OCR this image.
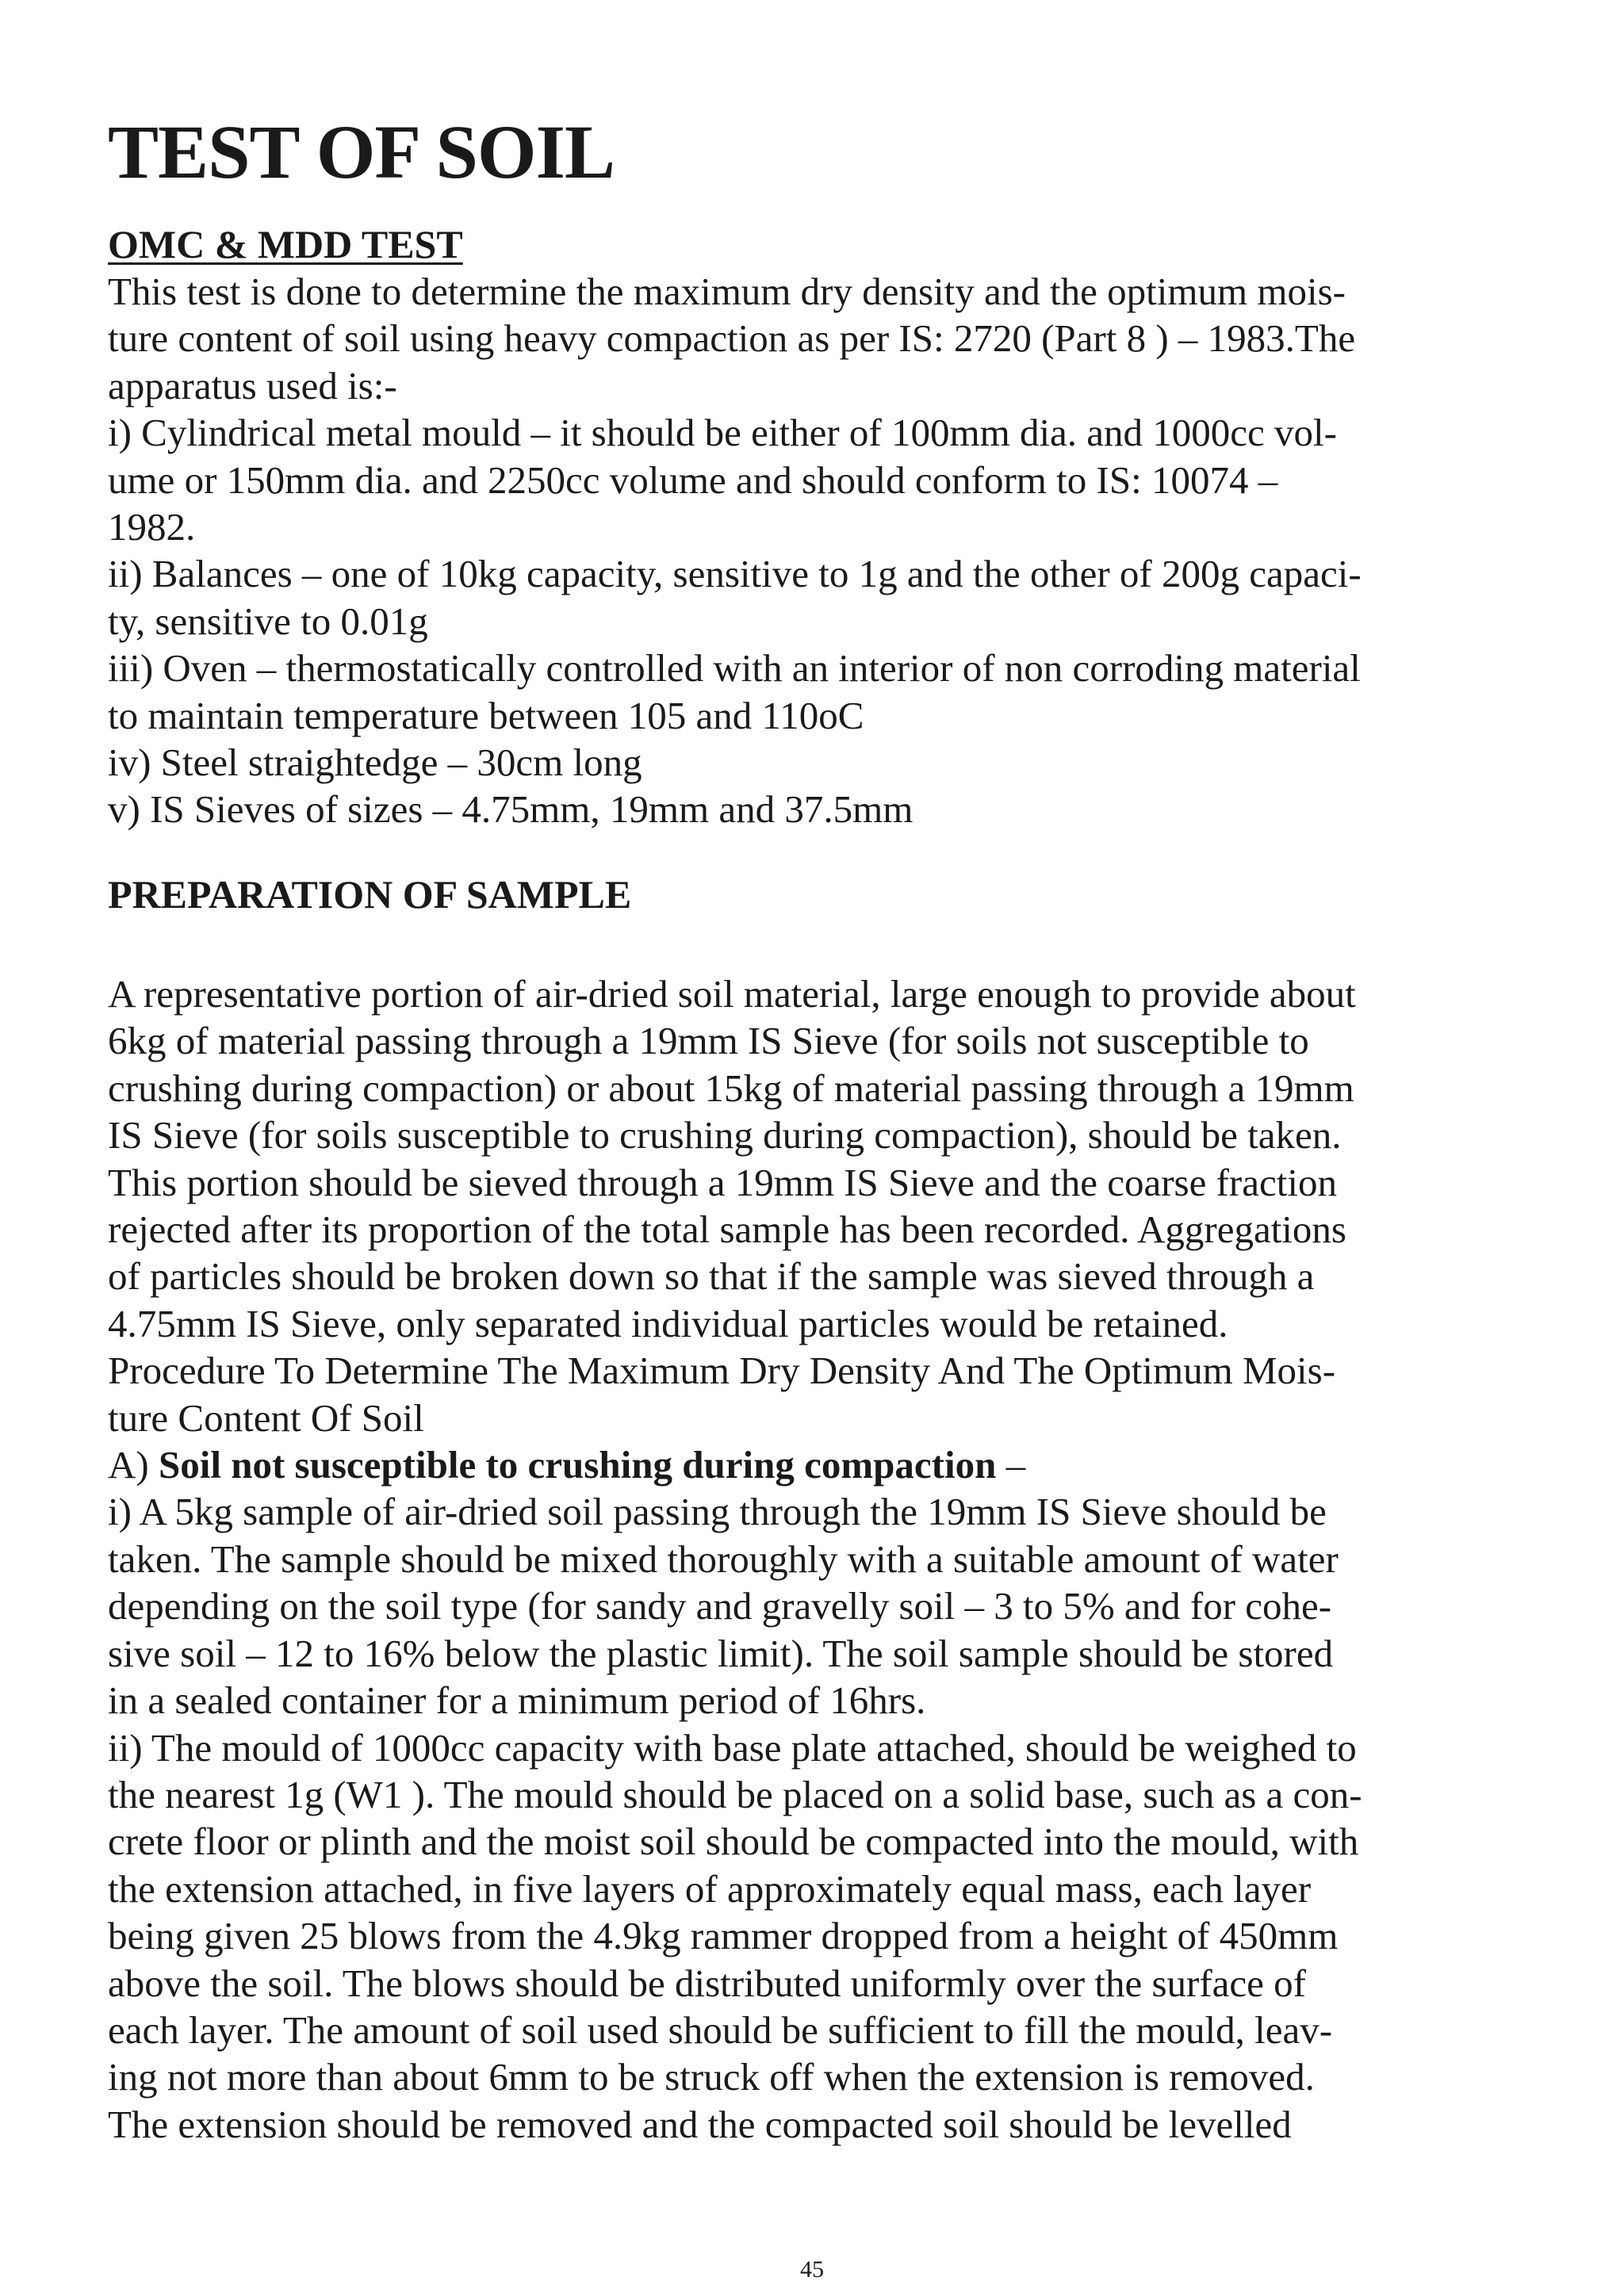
TEST OF SOIL

OMC & MDD TEST

This test is done to determine the maximum dry density and the optimum mois-

ture content of soil using heavy compaction as per IS: 2720 (Part 8 ) – 1983.The

apparatus used is:-

i) Cylindrical metal mould – it should be either of 100mm dia. and 1000cc vol-

ume or 150mm dia. and 2250cc volume and should conform to IS: 10074 –

1982.

ii) Balances – one of 10kg capacity, sensitive to 1g and the other of 200g capaci-

ty, sensitive to 0.01g

iii) Oven – thermostatically controlled with an interior of non corroding material

to maintain temperature between 105 and 110oC

iv) Steel straightedge – 30cm long

v) IS Sieves of sizes – 4.75mm, 19mm and 37.5mm

PREPARATION OF SAMPLE

A representative portion of air-dried soil material, large enough to provide about

6kg of material passing through a 19mm IS Sieve (for soils not susceptible to

crushing during compaction) or about 15kg of material passing through a 19mm

IS Sieve (for soils susceptible to crushing during compaction), should be taken.

This portion should be sieved through a 19mm IS Sieve and the coarse fraction

rejected after its proportion of the total sample has been recorded. Aggregations

of particles should be broken down so that if the sample was sieved through a

4.75mm IS Sieve, only separated individual particles would be retained.

Procedure To Determine The Maximum Dry Density And The Optimum Mois-

ture Content Of Soil

A) Soil not susceptible to crushing during compaction –

i) A 5kg sample of air-dried soil passing through the 19mm IS Sieve should be

taken. The sample should be mixed thoroughly with a suitable amount of water

depending on the soil type (for sandy and gravelly soil – 3 to 5% and for cohe-

sive soil – 12 to 16% below the plastic limit). The soil sample should be stored

in a sealed container for a minimum period of 16hrs.

ii) The mould of 1000cc capacity with base plate attached, should be weighed to

the nearest 1g (W1 ). The mould should be placed on a solid base, such as a con-

crete floor or plinth and the moist soil should be compacted into the mould, with

the extension attached, in five layers of approximately equal mass, each layer

being given 25 blows from the 4.9kg rammer dropped from a height of 450mm

above the soil. The blows should be distributed uniformly over the surface of

each layer. The amount of soil used should be sufficient to fill the mould, leav-

ing not more than about 6mm to be struck off when the extension is removed.

The extension should be removed and the compacted soil should be levelled

45
